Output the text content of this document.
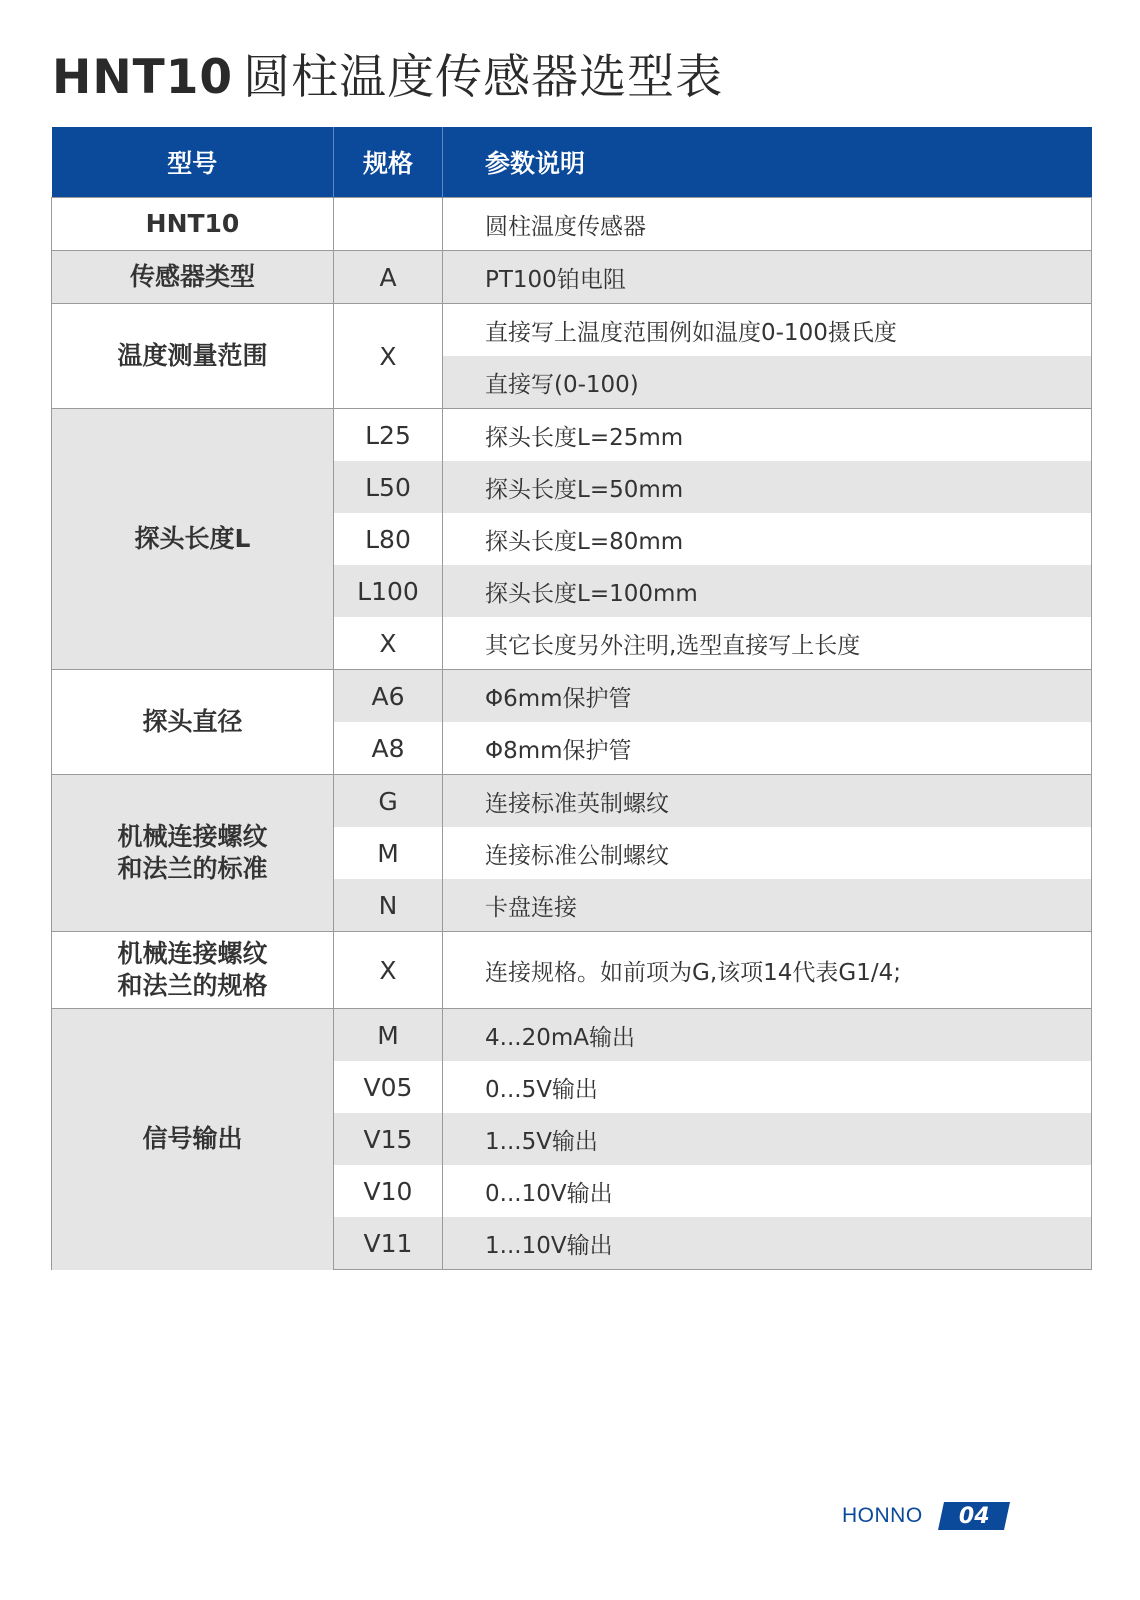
HNT10 圆柱温度传感器选型表
型号	规格	参数说明
HNT10		圆柱温度传感器
传感器类型	A	PT100铂电阻
温度测量范围	X	直接写上温度范围例如温度0-100摄氏度
		直接写(0-100)
探头长度L	L25	探头长度L=25mm
	L50	探头长度L=50mm
	L80	探头长度L=80mm
	L100	探头长度L=100mm
	X	其它长度另外注明,选型直接写上长度
探头直径	A6	Φ6mm保护管
	A8	Φ8mm保护管
机械连接螺纹
和法兰的标准	G	连接标准英制螺纹
	M	连接标准公制螺纹
	N	卡盘连接
机械连接螺纹
和法兰的规格	X	连接规格。如前项为G,该项14代表G1/4;
信号输出	M	4...20mA输出
	V05	0...5V输出
	V15	1...5V输出
	V10	0...10V输出
	V11	1...10V输出
HONNO 04
